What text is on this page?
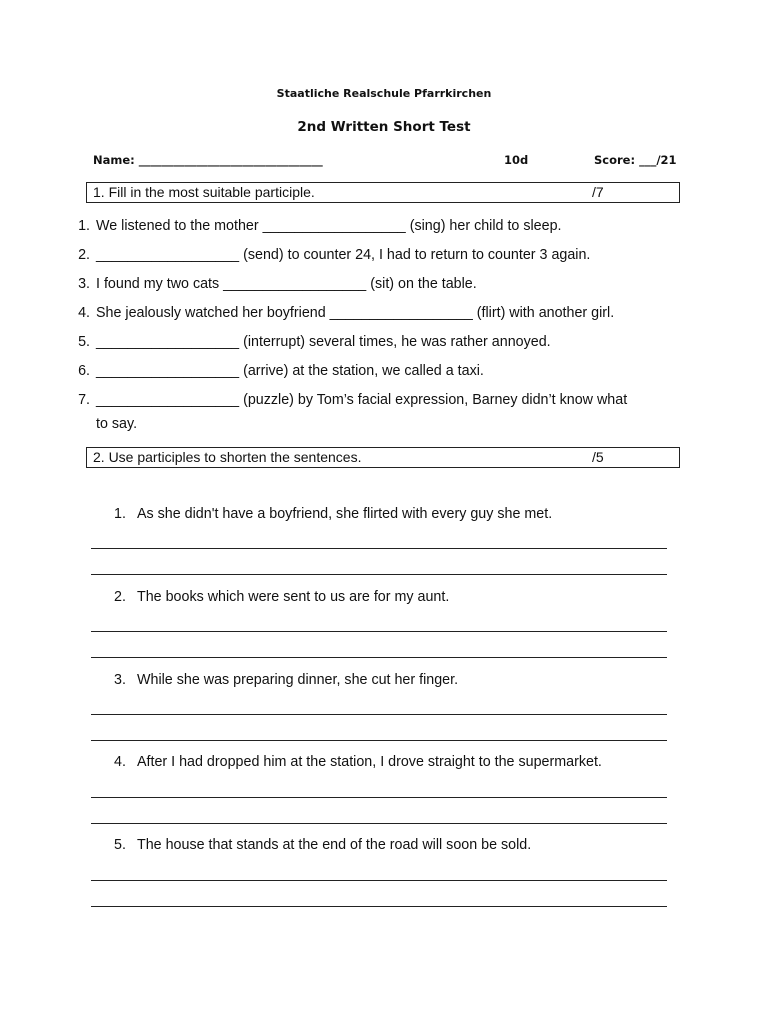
Staatliche Realschule Pfarrkirchen
2nd Written Short Test
Name: ________________________________	10d	Score: ___/21
1. Fill in the most suitable participle.	/7
1. We listened to the mother __________________ (sing) her child to sleep.
2. __________________ (send) to counter 24, I had to return to counter 3 again.
3. I found my two cats __________________ (sit) on the table.
4. She jealously watched her boyfriend __________________ (flirt) with another girl.
5. __________________ (interrupt) several times, he was rather annoyed.
6. __________________ (arrive) at the station, we called a taxi.
7. __________________ (puzzle) by Tom’s facial expression, Barney didn’t know what
to say.
2. Use participles to shorten the sentences.	/5
1. As she didn't have a boyfriend, she flirted with every guy she met.
2. The books which were sent to us are for my aunt.
3. While she was preparing dinner, she cut her finger.
4. After I had dropped him at the station, I drove straight to the supermarket.
5. The house that stands at the end of the road will soon be sold.
